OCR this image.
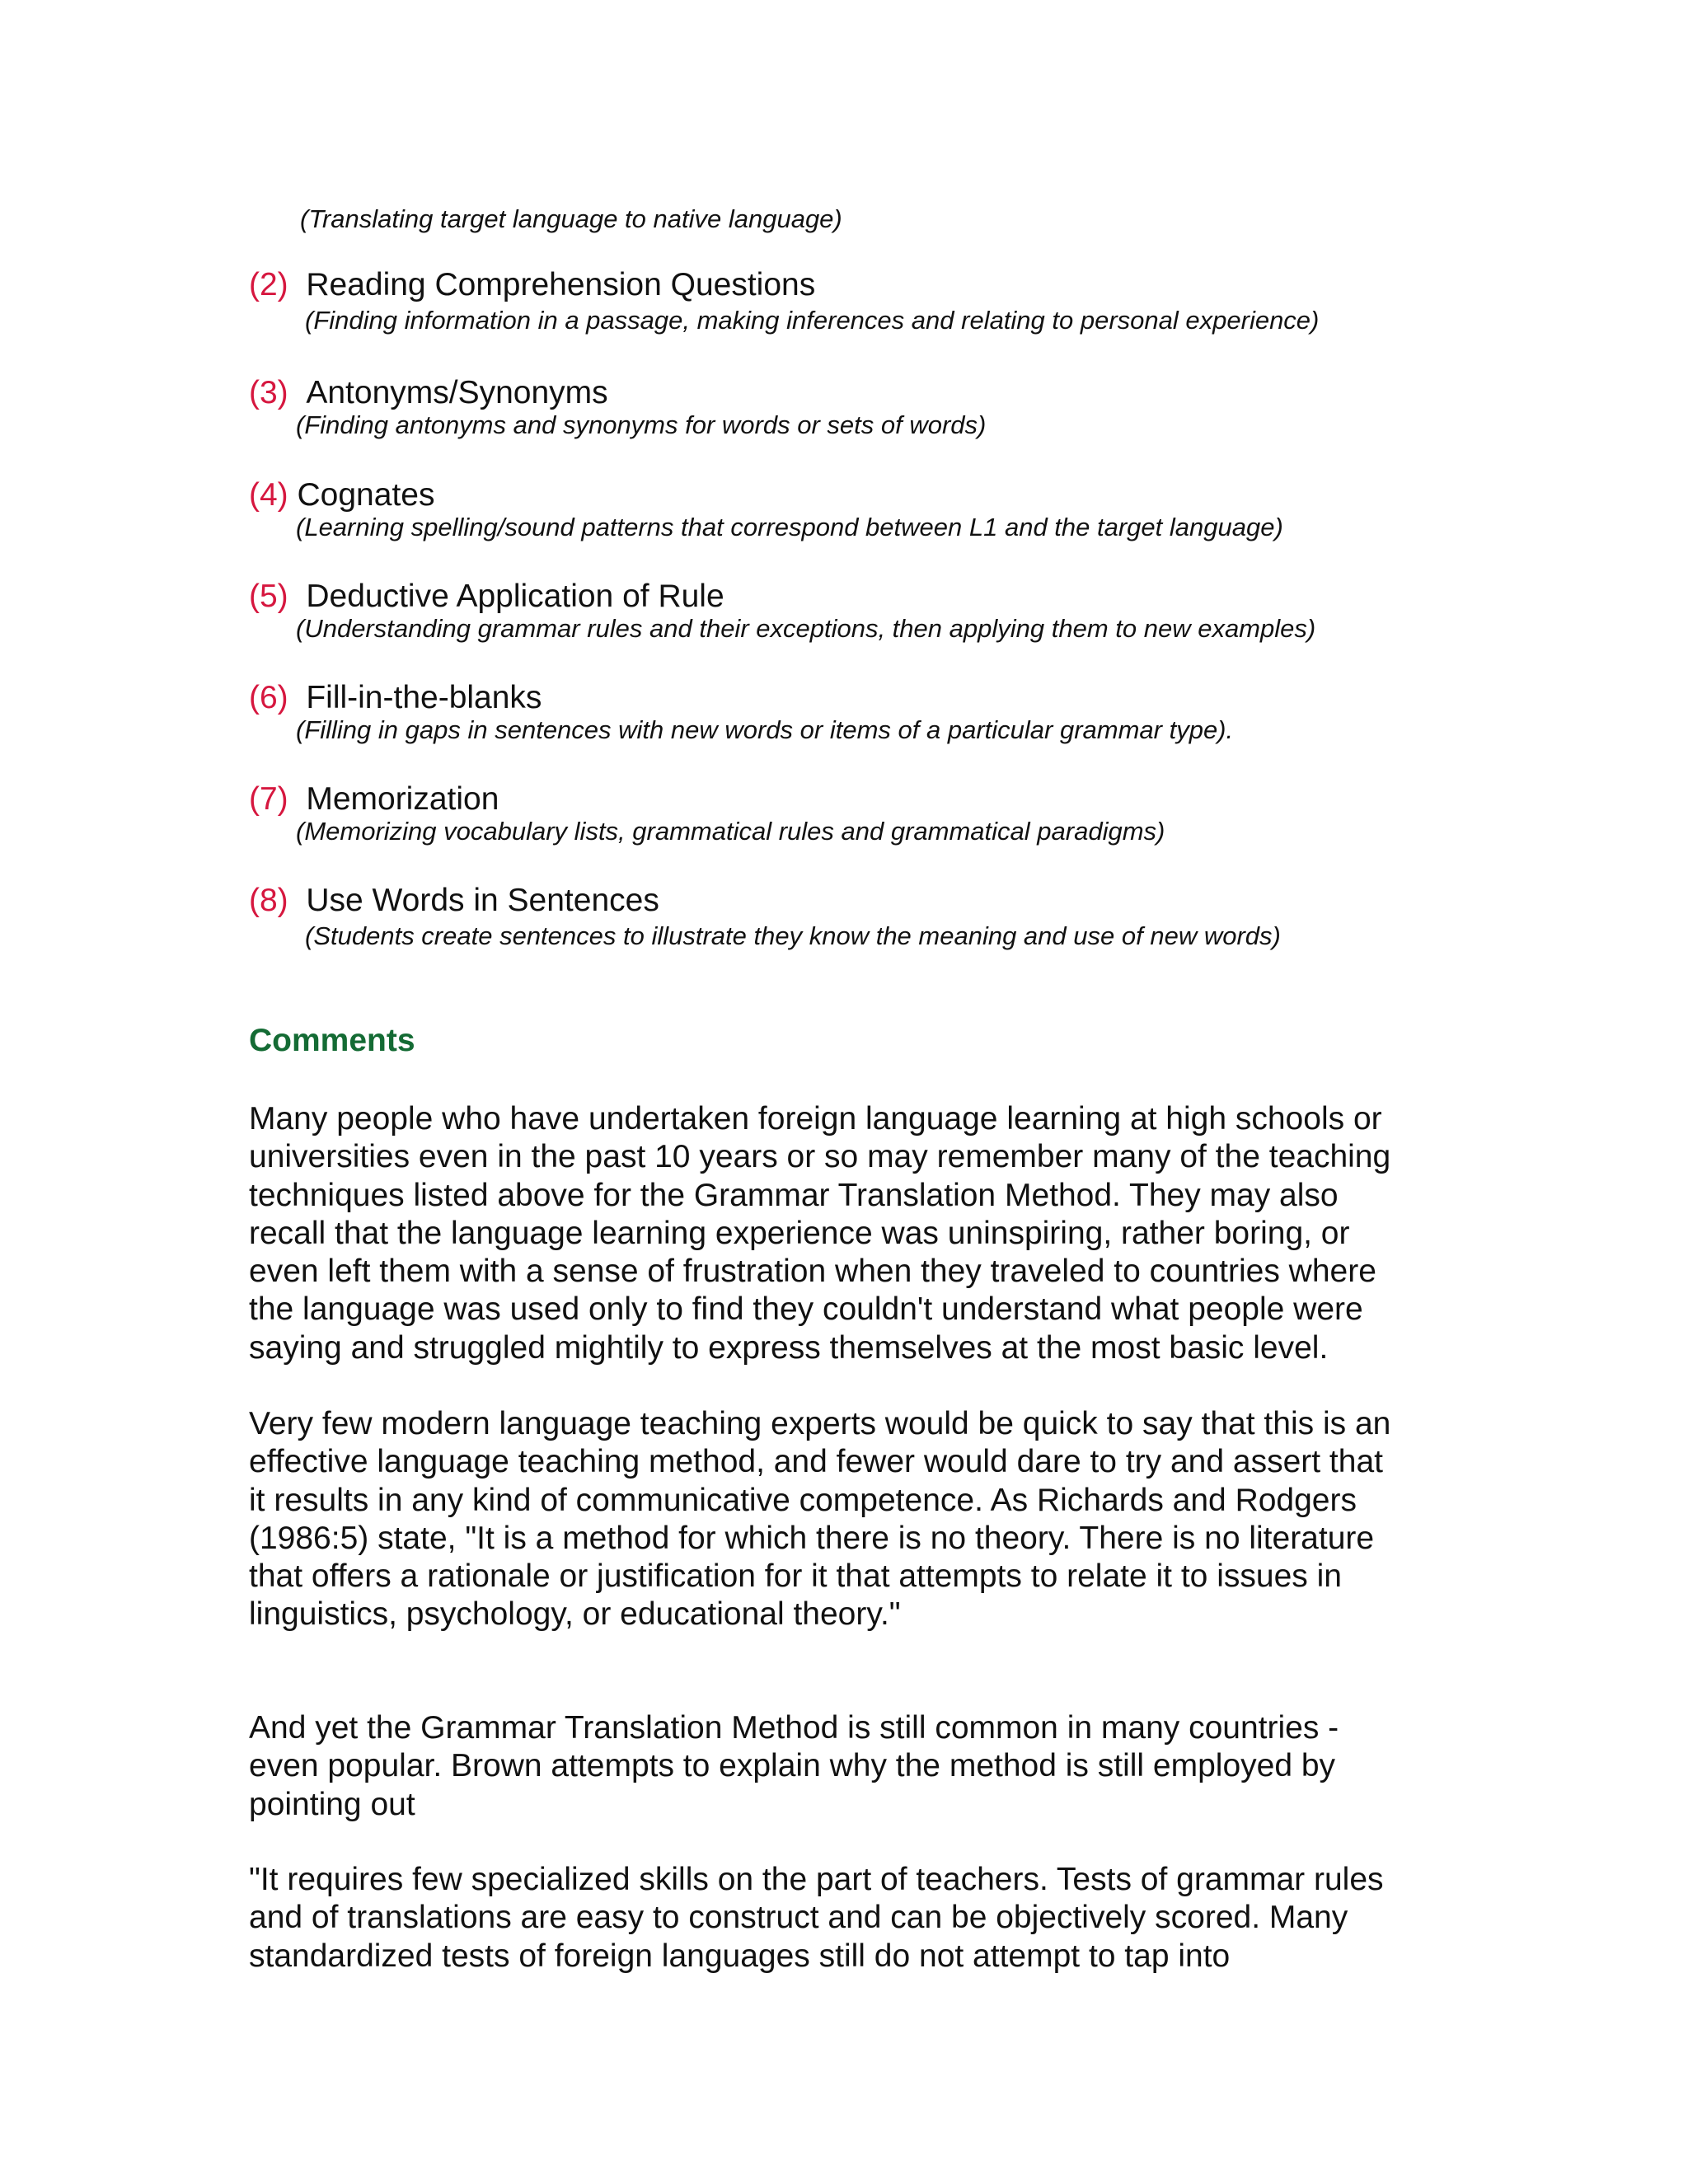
(Translating target language to native language)
(2) Reading Comprehension Questions
(Finding information in a passage, making inferences and relating to personal experience)
(3) Antonyms/Synonyms
(Finding antonyms and synonyms for words or sets of words)
(4) Cognates
(Learning spelling/sound patterns that correspond between L1 and the target language)
(5) Deductive Application of Rule
(Understanding grammar rules and their exceptions, then applying them to new examples)
(6) Fill-in-the-blanks
(Filling in gaps in sentences with new words or items of a particular grammar type).
(7) Memorization
(Memorizing vocabulary lists, grammatical rules and grammatical paradigms)
(8) Use Words in Sentences
(Students create sentences to illustrate they know the meaning and use of new words)
Comments
Many people who have undertaken foreign language learning at high schools or
universities even in the past 10 years or so may remember many of the teaching
techniques listed above for the Grammar Translation Method. They may also
recall that the language learning experience was uninspiring, rather boring, or
even left them with a sense of frustration when they traveled to countries where
the language was used only to find they couldn't understand what people were
saying and struggled mightily to express themselves at the most basic level.
Very few modern language teaching experts would be quick to say that this is an
effective language teaching method, and fewer would dare to try and assert that
it results in any kind of communicative competence. As Richards and Rodgers
(1986:5) state, "It is a method for which there is no theory. There is no literature
that offers a rationale or justification for it that attempts to relate it to issues in
linguistics, psychology, or educational theory."
And yet the Grammar Translation Method is still common in many countries -
even popular. Brown attempts to explain why the method is still employed by
pointing out
"It requires few specialized skills on the part of teachers. Tests of grammar rules
and of translations are easy to construct and can be objectively scored. Many
standardized tests of foreign languages still do not attempt to tap into
